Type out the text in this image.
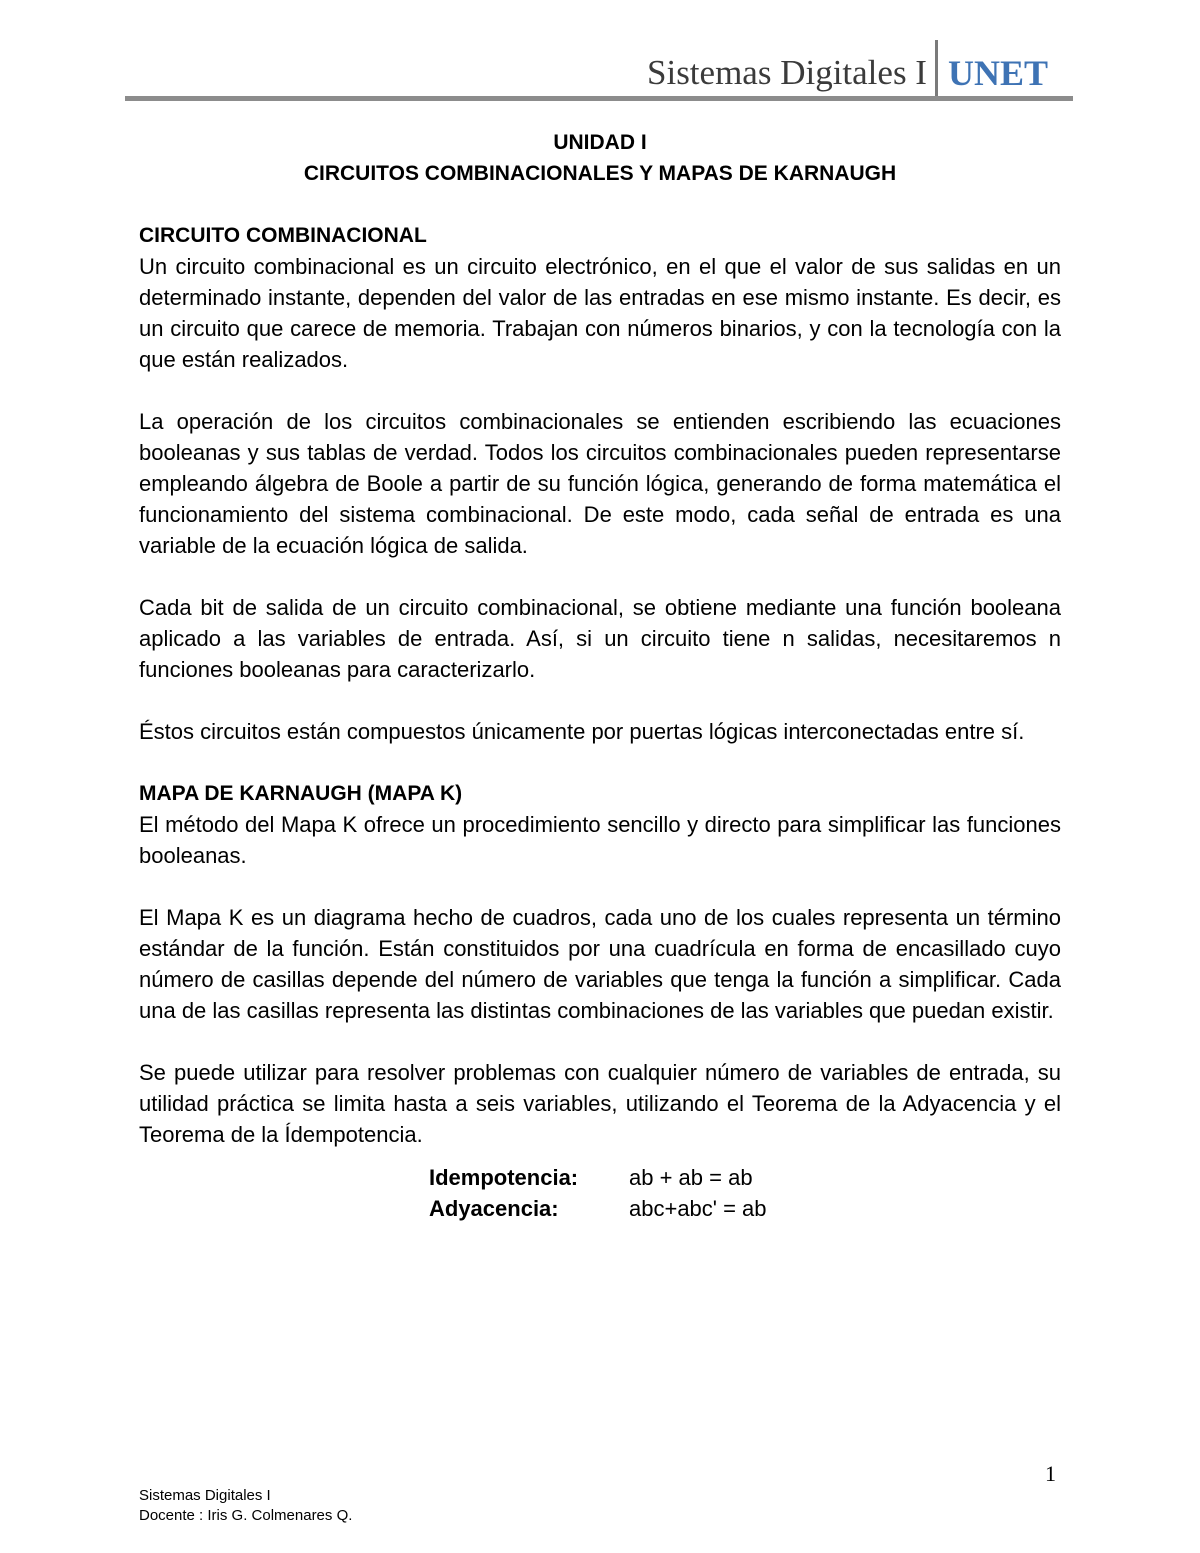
Sistemas Digitales I UNET
UNIDAD I
CIRCUITOS COMBINACIONALES Y MAPAS DE KARNAUGH
CIRCUITO COMBINACIONAL

Un circuito combinacional es un circuito electrónico, en el que el valor de sus salidas en un determinado instante, dependen del valor de las entradas en ese mismo instante. Es decir, es un circuito que carece de memoria. Trabajan con números binarios, y con la tecnología con la que están realizados.

La operación de los circuitos combinacionales se entienden escribiendo las ecuaciones booleanas y sus tablas de verdad. Todos los circuitos combinacionales pueden representarse empleando álgebra de Boole a partir de su función lógica, generando de forma matemática el funcionamiento del sistema combinacional. De este modo, cada señal de entrada es una variable de la ecuación lógica de salida.

Cada bit de salida de un circuito combinacional, se obtiene mediante una función booleana aplicado a las variables de entrada. Así, si un circuito tiene n salidas, necesitaremos n funciones booleanas para caracterizarlo.

Éstos circuitos están compuestos únicamente por puertas lógicas interconectadas entre sí.

MAPA DE KARNAUGH (MAPA K)

El método del Mapa K ofrece un procedimiento sencillo y directo para simplificar las funciones booleanas.

El Mapa K es un diagrama hecho de cuadros, cada uno de los cuales representa un término estándar de la función. Están constituidos por una cuadrícula en forma de encasillado cuyo número de casillas depende del número de variables que tenga la función a simplificar. Cada una de las casillas representa las distintas combinaciones de las variables que puedan existir.

Se puede utilizar para resolver problemas con cualquier número de variables de entrada, su utilidad práctica se limita hasta a seis variables, utilizando el Teorema de la Adyacencia y el Teorema de la Ídempotencia.

Idempotencia:	ab + ab = ab
Adyacencia:	abc+abc' = ab
1
Sistemas Digitales I
Docente : Iris G. Colmenares Q.
